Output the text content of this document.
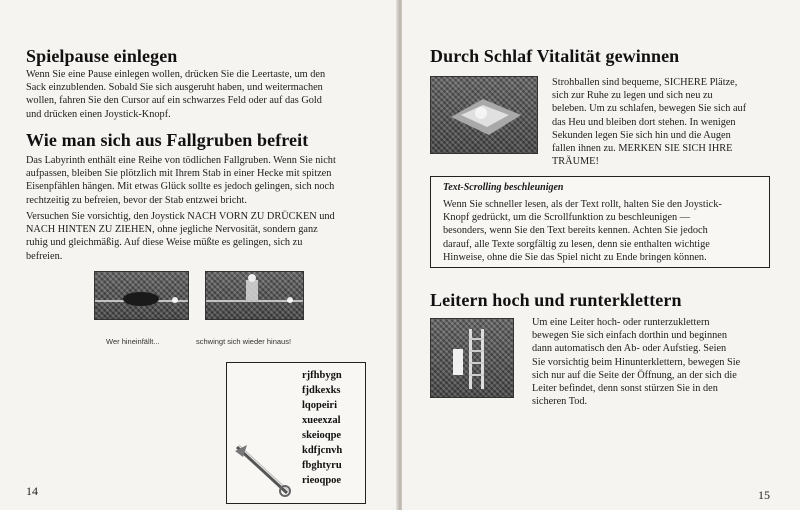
Spielpause einlegen

Wenn Sie eine Pause einlegen wollen, drücken Sie die Leertaste, um den

Sack einzublenden. Sobald Sie sich ausgeruht haben, und weitermachen

wollen, fahren Sie den Cursor auf ein schwarzes Feld oder auf das Gold

und drücken einen Joystick-Knopf.

Wie man sich aus Fallgruben befreit

Das Labyrinth enthält eine Reihe von tödlichen Fallgruben. Wenn Sie nicht

aufpassen, bleiben Sie plötzlich mit Ihrem Stab in einer Hecke mit spitzen

Eisenpfählen hängen. Mit etwas Glück sollte es jedoch gelingen, sich noch

rechtzeitig zu befreien, bevor der Stab entzwei bricht.

Versuchen Sie vorsichtig, den Joystick NACH VORN ZU DRÜCKEN und

NACH HINTEN ZU ZIEHEN, ohne jegliche Nervosität, sondern ganz

ruhig und gleichmäßig. Auf diese Weise müßte es gelingen, sich zu

befreien.

Wer hineinfällt...	schwingt sich wieder hinaus!
rjfhbygn
fjdkexks
lqopeiri
xueexzal
skeioqpe
kdfjcnvh
fbghtyru
rieoqpoe
14
Durch Schlaf Vitalität gewinnen

Strohballen sind bequeme, SICHERE Plätze,

sich zur Ruhe zu legen und sich neu zu

beleben. Um zu schlafen, bewegen Sie sich auf

das Heu und bleiben dort stehen. In wenigen

Sekunden legen Sie sich hin und die Augen

fallen ihnen zu. MERKEN SIE SICH IHRE

TRÄUME!

Text-Scrolling beschleunigen

Wenn Sie schneller lesen, als der Text rollt, halten Sie den Joystick-

Knopf gedrückt, um die Scrollfunktion zu beschleunigen —

besonders, wenn Sie den Text bereits kennen. Achten Sie jedoch

darauf, alle Texte sorgfältig zu lesen, denn sie enthalten wichtige

Hinweise, ohne die Sie das Spiel nicht zu Ende bringen können.

Leitern hoch und runterklettern

Um eine Leiter hoch- oder runterzuklettern

bewegen Sie sich einfach dorthin und beginnen

dann automatisch den Ab- oder Aufstieg. Seien

Sie vorsichtig beim Hinunterklettern, bewegen Sie

sich nur auf die Seite der Öffnung, an der sich die

Leiter befindet, denn sonst stürzen Sie in den

sicheren Tod.

15
